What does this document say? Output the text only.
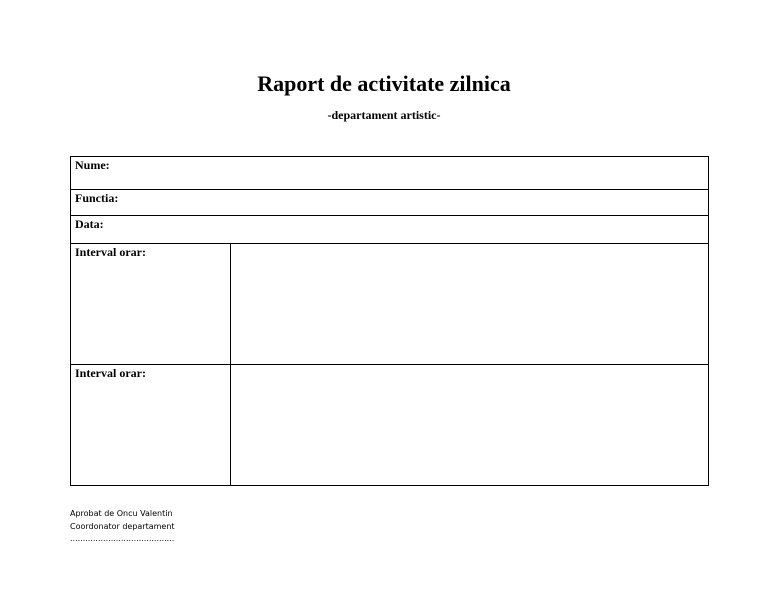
Raport de activitate zilnica
-departament artistic-
Nume:	
Functia:	
Data:	
Interval orar:	
Interval orar:	
Aprobat de Oncu Valentin
Coordonator departament
.........................................
